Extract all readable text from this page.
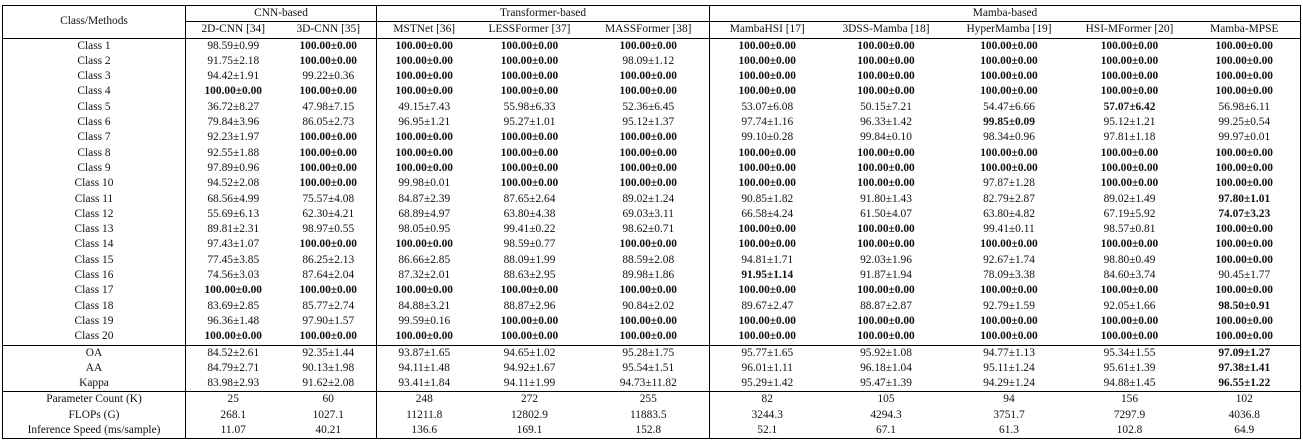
Class/Methods	CNN-based		Transformer-based			Mamba-based				
	2D-CNN [34]	3D-CNN [35]	MSTNet [36]	LESSFormer [37]	MASSFormer [38]	MambaHSI [17]	3DSS-Mamba [18]	HyperMamba [19]	HSI-MFormer [20]	Mamba-MPSE
Class 1	98.59±0.99	100.00±0.00	100.00±0.00	100.00±0.00	100.00±0.00	100.00±0.00	100.00±0.00	100.00±0.00	100.00±0.00	100.00±0.00
Class 2	91.75±2.18	100.00±0.00	100.00±0.00	100.00±0.00	98.09±1.12	100.00±0.00	100.00±0.00	100.00±0.00	100.00±0.00	100.00±0.00
Class 3	94.42±1.91	99.22±0.36	100.00±0.00	100.00±0.00	100.00±0.00	100.00±0.00	100.00±0.00	100.00±0.00	100.00±0.00	100.00±0.00
Class 4	100.00±0.00	100.00±0.00	100.00±0.00	100.00±0.00	100.00±0.00	100.00±0.00	100.00±0.00	100.00±0.00	100.00±0.00	100.00±0.00
Class 5	36.72±8.27	47.98±7.15	49.15±7.43	55.98±6.33	52.36±6.45	53.07±6.08	50.15±7.21	54.47±6.66	57.07±6.42	56.98±6.11
Class 6	79.84±3.96	86.05±2.73	96.95±1.21	95.27±1.01	95.12±1.37	97.74±1.16	96.33±1.42	99.85±0.09	95.12±1.21	99.25±0.54
Class 7	92.23±1.97	100.00±0.00	100.00±0.00	100.00±0.00	100.00±0.00	99.10±0.28	99.84±0.10	98.34±0.96	97.81±1.18	99.97±0.01
Class 8	92.55±1.88	100.00±0.00	100.00±0.00	100.00±0.00	100.00±0.00	100.00±0.00	100.00±0.00	100.00±0.00	100.00±0.00	100.00±0.00
Class 9	97.89±0.96	100.00±0.00	100.00±0.00	100.00±0.00	100.00±0.00	100.00±0.00	100.00±0.00	100.00±0.00	100.00±0.00	100.00±0.00
Class 10	94.52±2.08	100.00±0.00	99.98±0.01	100.00±0.00	100.00±0.00	100.00±0.00	100.00±0.00	97.87±1.28	100.00±0.00	100.00±0.00
Class 11	68.56±4.99	75.57±4.08	84.87±2.39	87.65±2.64	89.02±1.24	90.85±1.82	91.80±1.43	82.79±2.87	89.02±1.49	97.80±1.01
Class 12	55.69±6.13	62.30±4.21	68.89±4.97	63.80±4.38	69.03±3.11	66.58±4.24	61.50±4.07	63.80±4.82	67.19±5.92	74.07±3.23
Class 13	89.81±2.31	98.97±0.55	98.05±0.95	99.41±0.22	98.62±0.71	100.00±0.00	100.00±0.00	99.41±0.11	98.57±0.81	100.00±0.00
Class 14	97.43±1.07	100.00±0.00	100.00±0.00	98.59±0.77	100.00±0.00	100.00±0.00	100.00±0.00	100.00±0.00	100.00±0.00	100.00±0.00
Class 15	77.45±3.85	86.25±2.13	86.66±2.85	88.09±1.99	88.59±2.08	94.81±1.71	92.03±1.96	92.67±1.74	98.80±0.49	100.00±0.00
Class 16	74.56±3.03	87.64±2.04	87.32±2.01	88.63±2.95	89.98±1.86	91.95±1.14	91.87±1.94	78.09±3.38	84.60±3.74	90.45±1.77
Class 17	100.00±0.00	100.00±0.00	100.00±0.00	100.00±0.00	100.00±0.00	100.00±0.00	100.00±0.00	100.00±0.00	100.00±0.00	100.00±0.00
Class 18	83.69±2.85	85.77±2.74	84.88±3.21	88.87±2.96	90.84±2.02	89.67±2.47	88.87±2.87	92.79±1.59	92.05±1.66	98.50±0.91
Class 19	96.36±1.48	97.90±1.57	99.59±0.16	100.00±0.00	100.00±0.00	100.00±0.00	100.00±0.00	100.00±0.00	100.00±0.00	100.00±0.00
Class 20	100.00±0.00	100.00±0.00	100.00±0.00	100.00±0.00	100.00±0.00	100.00±0.00	100.00±0.00	100.00±0.00	100.00±0.00	100.00±0.00
OA	84.52±2.61	92.35±1.44	93.87±1.65	94.65±1.02	95.28±1.75	95.77±1.65	95.92±1.08	94.77±1.13	95.34±1.55	97.09±1.27
AA	84.79±2.71	90.13±1.98	94.11±1.48	94.92±1.67	95.54±1.51	96.01±1.11	96.18±1.04	95.11±1.24	95.61±1.39	97.38±1.41
Kappa	83.98±2.93	91.62±2.08	93.41±1.84	94.11±1.99	94.73±11.82	95.29±1.42	95.47±1.39	94.29±1.24	94.88±1.45	96.55±1.22
Parameter Count (K)	25	60	248	272	255	82	105	94	156	102
FLOPs (G)	268.1	1027.1	11211.8	12802.9	11883.5	3244.3	4294.3	3751.7	7297.9	4036.8
Inference Speed (ms/sample)	11.07	40.21	136.6	169.1	152.8	52.1	67.1	61.3	102.8	64.9
